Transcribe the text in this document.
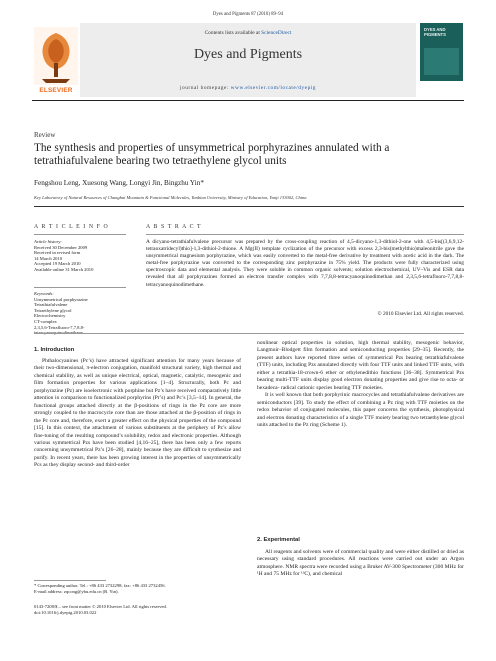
Dyes and Pigments 87 (2010) 89–94
ELSEVIER
Contents lists available at ScienceDirect
Dyes and Pigments
journal homepage: www.elsevier.com/locate/dyepig
DYES AND PIGMENTS
Review
The synthesis and properties of unsymmetrical porphyrazines annulated with a tetrathiafulvalene bearing two tetraethylene glycol units
Fengshou Leng, Xuesong Wang, Longyi Jin, Bingzhu Yin*
Key Laboratory of Natural Resources of Changbai Mountain & Functional Molecules, Yanbian University, Ministry of Education, Yanji 133002, China
A R T I C L E I N F O
Article history:
Received 30 December 2009
Received in revised form
14 March 2010
Accepted 19 March 2010
Available online 31 March 2010
Keywords:
Unsymmetrical porphyrazine
Tetrathiafulvalene
Tetraethylene glycol
Electrochemistry
CT-complex
2,3,5,6-Tetrafluoro-7,7,8,8-
tetracyanoquinodimethane
A B S T R A C T
A dicyano-tetrathiafulvalene precursor was prepared by the cross-coupling reaction of 4,5-dicyano-1,3-dithiol-2-one with 4,5-bis[(3,6,9,12-tetraoxatridecyl)thio]-1,3-dithiol-2-thione. A Mg(II) template cyclization of the precursor with excess 2,3-bis(methylthio)maleonitrile gave the unsymmetrical magnesium porphyrazine, which was easily converted to the metal-free derivative by treatment with acetic acid in the dark. The metal-free porphyrazine was converted to the corresponding zinc porphyrazine in 75% yield. The products were fully characterized using spectroscopic data and elemental analysis. They were soluble in common organic solvents; solution electrochemical, UV–Vis and ESR data revealed that all porphyrazines formed an electron transfer complex with 7,7,8,8-tetracyanoquinodimethan and 2,3,5,6-tetrafluoro-7,7,8,8-tetracyanoquinodimethane.
© 2010 Elsevier Ltd. All rights reserved.
1. Introduction

Phthalocyanines (Pc’s) have attracted significant attention for many years because of their two-dimensional, π-electron conjugation, manifold structural variety, high thermal and chemical stability, as well as unique electrical, optical, magnetic, catalytic, mesogenic and film formation properties for various applications [1–4]. Structurally, both Pc and porphyrazine (Pz) are isoelectronic with porphine but Pz’s have received comparatively little attention in comparison to functionalized porphyrins (Pr’s) and Pc’s [3,5–14]. In general, the functional groups attached directly at the β-positions of rings in the Pz core are more strongly coupled to the macrocycle core than are those attached at the β-position of rings in the Pc core and, therefore, exert a greater effect on the physical properties of the compound [15]. In this context, the attachment of various substituents at the periphery of Pz’s allow fine-tuning of the resulting compound’s solubility, redox and electronic properties. Although various symmetrical Pzs have been studied [4,16–25], there has been only a few reports concerning unsymmetrical Pz’s [26–28], mainly because they are difficult to synthesize and purify. In recent years, there has been growing interest in the properties of unsymmetrically Pcs as they display second- and third-order

nonlinear optical properties in solution, high thermal stability, mesogenic behavior, Langmuir–Blodgett film formation and semiconducting properties [29–35]. Recently, the present authors have reported three series of symmetrical Pzs bearing tetrathiafulvalene (TTF) units, including Pzs annulated directly with four TTF units and linked TTF units, with either a tetrathia-18-crown-6 ether or ethylenedithio functions [36–38]. Symmetrical Pzs bearing multi-TTF units display good electron donating properties and give rise to octa- or hexadeca- radical cationic species bearing TTF moieties.

It is well known that both porphyrinic macrocycles and tetrathiafulvalene derivatives are semiconductors [39]. To study the effect of combining a Pz ring with TTF moieties on the redox behavior of conjugated molecules, this paper concerns the synthesis, photophysical and electron donating characteristics of a single TTF moiety bearing two tetraethylene glycol units attached to the Pz ring (Scheme 1).

2. Experimental

All reagents and solvents were of commercial quality and were either distilled or dried as necessary using standard procedures. All reactions were carried out under an Argon atmosphere. NMR spectra were recorded using a Bruker AV-300 Spectrometer (300 MHz for ¹H and 75 MHz for ¹³C), and chemical

* Corresponding author. Tel.: +86 433 2732298; fax: +86 433 2732456.
E-mail address: zqcong@ybu.edu.cn (B. Yin).
0143-7208/$ – see front matter © 2010 Elsevier Ltd. All rights reserved.
doi:10.1016/j.dyepig.2010.03.022
